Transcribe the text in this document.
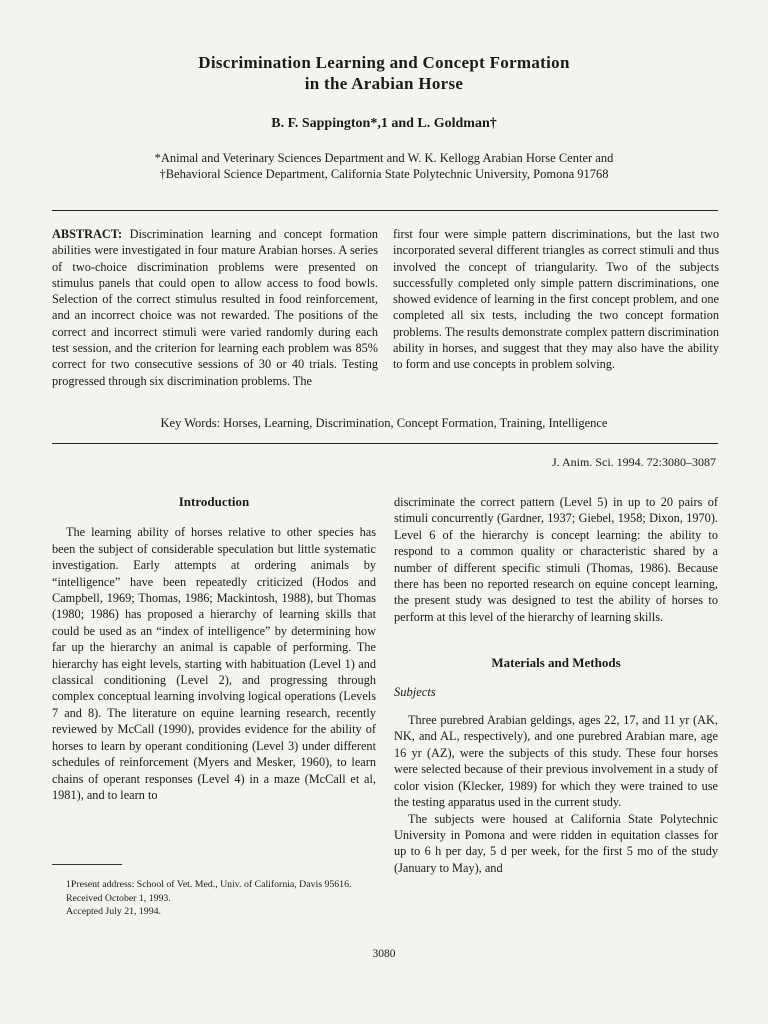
Discrimination Learning and Concept Formation
in the Arabian Horse
B. F. Sappington*,1 and L. Goldman†
*Animal and Veterinary Sciences Department and W. K. Kellogg Arabian Horse Center and
†Behavioral Science Department, California State Polytechnic University, Pomona 91768
ABSTRACT: Discrimination learning and concept formation abilities were investigated in four mature Arabian horses. A series of two-choice discrimination problems were presented on stimulus panels that could open to allow access to food bowls. Selection of the correct stimulus resulted in food reinforcement, and an incorrect choice was not rewarded. The positions of the correct and incorrect stimuli were varied randomly during each test session, and the criterion for learning each problem was 85% correct for two consecutive sessions of 30 or 40 trials. Testing progressed through six discrimination problems. The
first four were simple pattern discriminations, but the last two incorporated several different triangles as correct stimuli and thus involved the concept of triangularity. Two of the subjects successfully completed only simple pattern discriminations, one showed evidence of learning in the first concept problem, and one completed all six tests, including the two concept formation problems. The results demonstrate complex pattern discrimination ability in horses, and suggest that they may also have the ability to form and use concepts in problem solving.
Key Words: Horses, Learning, Discrimination, Concept Formation, Training, Intelligence
J. Anim. Sci. 1994. 72:3080–3087
Introduction

The learning ability of horses relative to other species has been the subject of considerable speculation but little systematic investigation. Early attempts at ordering animals by “intelligence” have been repeatedly criticized (Hodos and Campbell, 1969; Thomas, 1986; Mackintosh, 1988), but Thomas (1980; 1986) has proposed a hierarchy of learning skills that could be used as an “index of intelligence” by determining how far up the hierarchy an animal is capable of performing. The hierarchy has eight levels, starting with habituation (Level 1) and classical conditioning (Level 2), and progressing through complex conceptual learning involving logical operations (Levels 7 and 8). The literature on equine learning research, recently reviewed by McCall (1990), provides evidence for the ability of horses to learn by operant conditioning (Level 3) under different schedules of reinforcement (Myers and Mesker, 1960), to learn chains of operant responses (Level 4) in a maze (McCall et al, 1981), and to learn to

discriminate the correct pattern (Level 5) in up to 20 pairs of stimuli concurrently (Gardner, 1937; Giebel, 1958; Dixon, 1970). Level 6 of the hierarchy is concept learning: the ability to respond to a common quality or characteristic shared by a number of different specific stimuli (Thomas, 1986). Because there has been no reported research on equine concept learning, the present study was designed to test the ability of horses to perform at this level of the hierarchy of learning skills.
Materials and Methods
Subjects

Three purebred Arabian geldings, ages 22, 17, and 11 yr (AK, NK, and AL, respectively), and one purebred Arabian mare, age 16 yr (AZ), were the subjects of this study. These four horses were selected because of their previous involvement in a study of color vision (Klecker, 1989) for which they were trained to use the testing apparatus used in the current study.

The subjects were housed at California State Polytechnic University in Pomona and were ridden in equitation classes for up to 6 h per day, 5 d per week, for the first 5 mo of the study (January to May), and

1Present address: School of Vet. Med., Univ. of California, Davis 95616.
Received October 1, 1993.
Accepted July 21, 1994.
3080
